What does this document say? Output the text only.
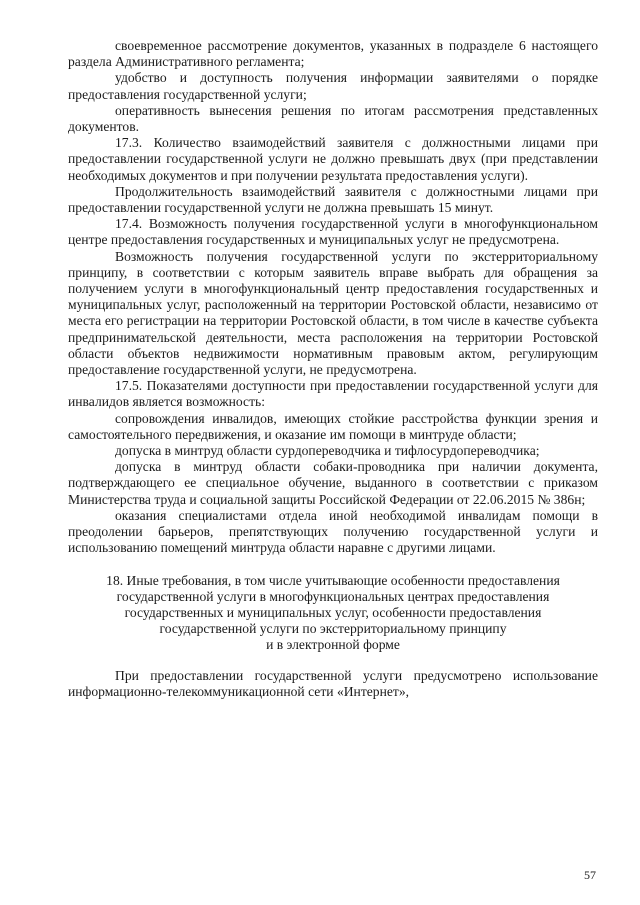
своевременное рассмотрение документов, указанных в подразделе 6 настоящего раздела Административного регламента;

удобство и доступность получения информации заявителями о порядке предоставления государственной услуги;

оперативность вынесения решения по итогам рассмотрения представленных документов.

17.3. Количество взаимодействий заявителя с должностными лицами при предоставлении государственной услуги не должно превышать двух (при представлении необходимых документов и при получении результата предоставления услуги).

Продолжительность взаимодействий заявителя с должностными лицами при предоставлении государственной услуги не должна превышать 15 минут.

17.4. Возможность получения государственной услуги в многофункциональном центре предоставления государственных и муниципальных услуг не предусмотрена.

Возможность получения государственной услуги по экстерриториальному принципу, в соответствии с которым заявитель вправе выбрать для обращения за получением услуги в многофункциональный центр предоставления государственных и муниципальных услуг, расположенный на территории Ростовской области, независимо от места его регистрации на территории Ростовской области, в том числе в качестве субъекта предпринимательской деятельности, места расположения на территории Ростовской области объектов недвижимости нормативным правовым актом, регулирующим предоставление государственной услуги, не предусмотрена.

17.5. Показателями доступности при предоставлении государственной услуги для инвалидов является возможность:

сопровождения инвалидов, имеющих стойкие расстройства функции зрения и самостоятельного передвижения, и оказание им помощи в минтруде области;

допуска в минтруд области сурдопереводчика и тифлосурдопереводчика;

допуска в минтруд области собаки-проводника при наличии документа, подтверждающего ее специальное обучение, выданного в соответствии с приказом Министерства труда и социальной защиты Российской Федерации от 22.06.2015 № 386н;

оказания специалистами отдела иной необходимой инвалидам помощи в преодолении барьеров, препятствующих получению государственной услуги и использованию помещений минтруда области наравне с другими лицами.

18. Иные требования, в том числе учитывающие особенности предоставления
государственной услуги в многофункциональных центрах предоставления
государственных и муниципальных услуг, особенности предоставления
государственной услуги по экстерриториальному принципу
и в электронной форме

При предоставлении государственной услуги предусмотрено использование информационно-телекоммуникационной сети «Интернет»,

57
